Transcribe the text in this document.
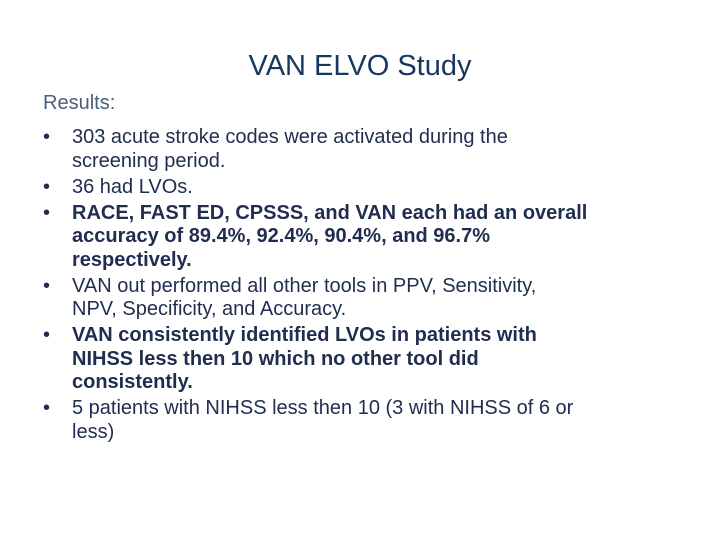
VAN ELVO Study
Results:
• 303 acute stroke codes were activated during the
screening period.
• 36 had LVOs.
• RACE, FAST ED, CPSSS, and VAN each had an overall
accuracy of 89.4%, 92.4%, 90.4%, and 96.7%
respectively.
• VAN out performed all other tools in PPV, Sensitivity,
NPV, Specificity, and Accuracy.
• VAN consistently identified LVOs in patients with
NIHSS less then 10 which no other tool did
consistently.
• 5 patients with NIHSS less then 10 (3 with NIHSS of 6 or
less)
